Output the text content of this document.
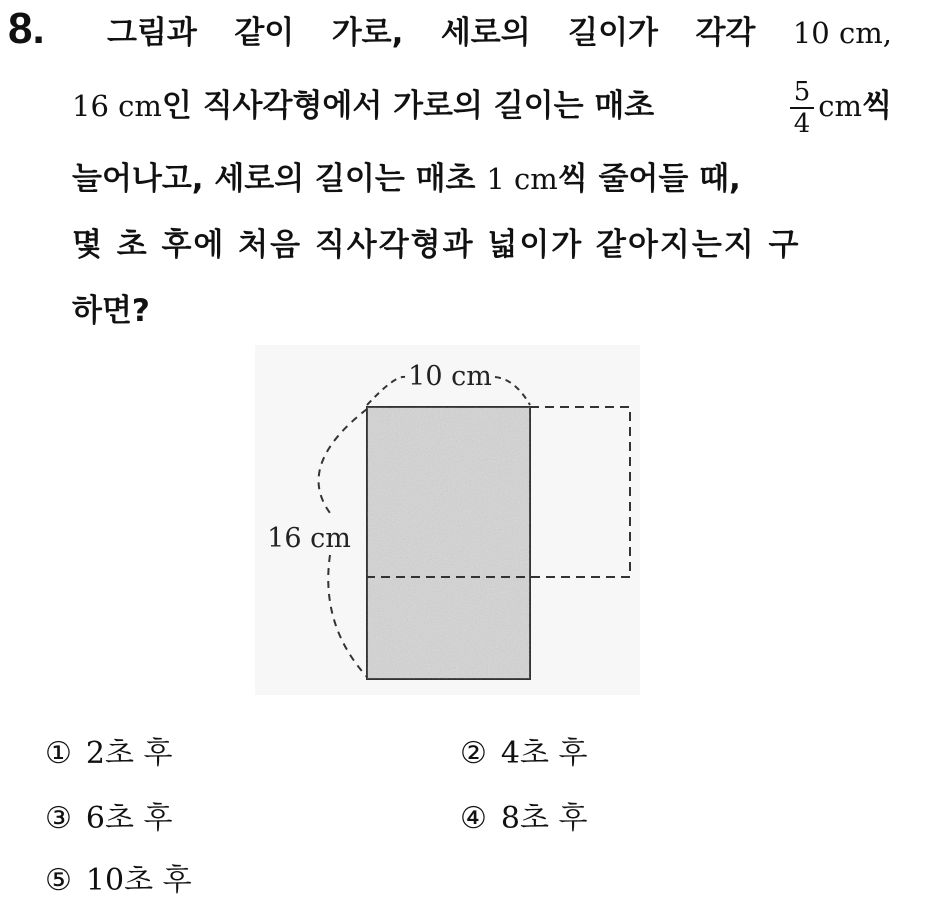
8. 그림과 같이 가로, 세로의 길이가 각각 10 cm,
16 cm인 직사각형에서 가로의 길이는 매초	$\frac{5}{4}$ cm씩
늘어나고, 세로의 길이는 매초 1 cm씩 줄어들 때,
몇 초 후에 처음 직사각형과 넓이가 같아지는지 구
하면?
10 cm
16 cm
① 2초 후	② 4초 후
③ 6초 후	④ 8초 후
⑤ 10초 후
